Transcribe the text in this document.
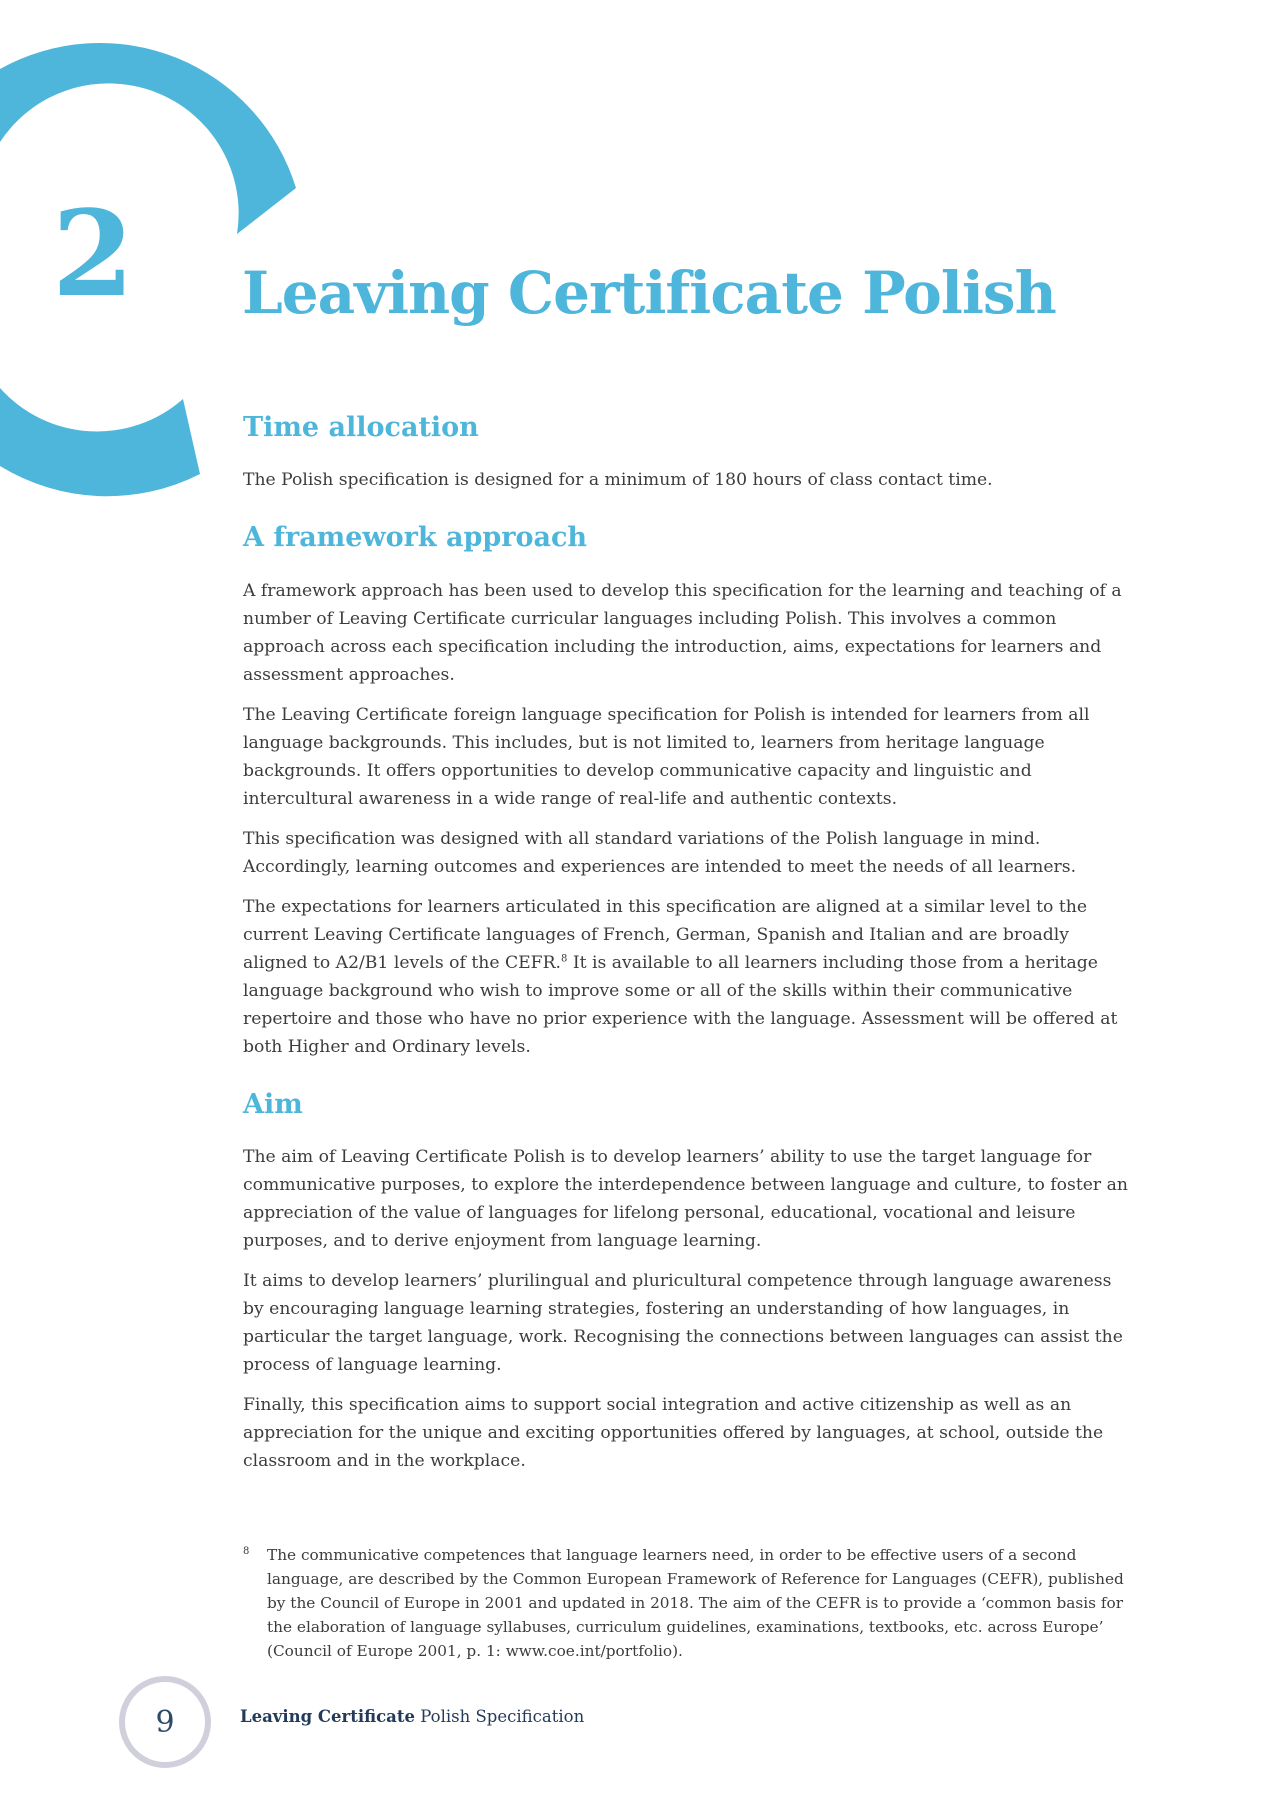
2 Leaving Certificate Polish
Time allocation

The Polish specification is designed for a minimum of 180 hours of class contact time.

A framework approach

A framework approach has been used to develop this specification for the learning and teaching of a number of Leaving Certificate curricular languages including Polish. This involves a common approach across each specification including the introduction, aims, expectations for learners and assessment approaches.

The Leaving Certificate foreign language specification for Polish is intended for learners from all language backgrounds. This includes, but is not limited to, learners from heritage language backgrounds. It offers opportunities to develop communicative capacity and linguistic and intercultural awareness in a wide range of real-life and authentic contexts.

This specification was designed with all standard variations of the Polish language in mind. Accordingly, learning outcomes and experiences are intended to meet the needs of all learners.

The expectations for learners articulated in this specification are aligned at a similar level to the current Leaving Certificate languages of French, German, Spanish and Italian and are broadly aligned to A2/B1 levels of the CEFR.$^8$ It is available to all learners including those from a heritage language background who wish to improve some or all of the skills within their communicative repertoire and those who have no prior experience with the language. Assessment will be offered at both Higher and Ordinary levels.

Aim

The aim of Leaving Certificate Polish is to develop learners’ ability to use the target language for communicative purposes, to explore the interdependence between language and culture, to foster an appreciation of the value of languages for lifelong personal, educational, vocational and leisure purposes, and to derive enjoyment from language learning.

It aims to develop learners’ plurilingual and pluricultural competence through language awareness by encouraging language learning strategies, fostering an understanding of how languages, in particular the target language, work. Recognising the connections between languages can assist the process of language learning.

Finally, this specification aims to support social integration and active citizenship as well as an appreciation for the unique and exciting opportunities offered by languages, at school, outside the classroom and in the workplace.

8	The communicative competences that language learners need, in order to be effective users of a second language, are described by the Common European Framework of Reference for Languages (CEFR), published by the Council of Europe in 2001 and updated in 2018. The aim of the CEFR is to provide a ‘common basis for the elaboration of language syllabuses, curriculum guidelines, examinations, textbooks, etc. across Europe’ (Council of Europe 2001, p. 1: www.coe.int/portfolio).
9	Leaving Certificate Polish Specification
